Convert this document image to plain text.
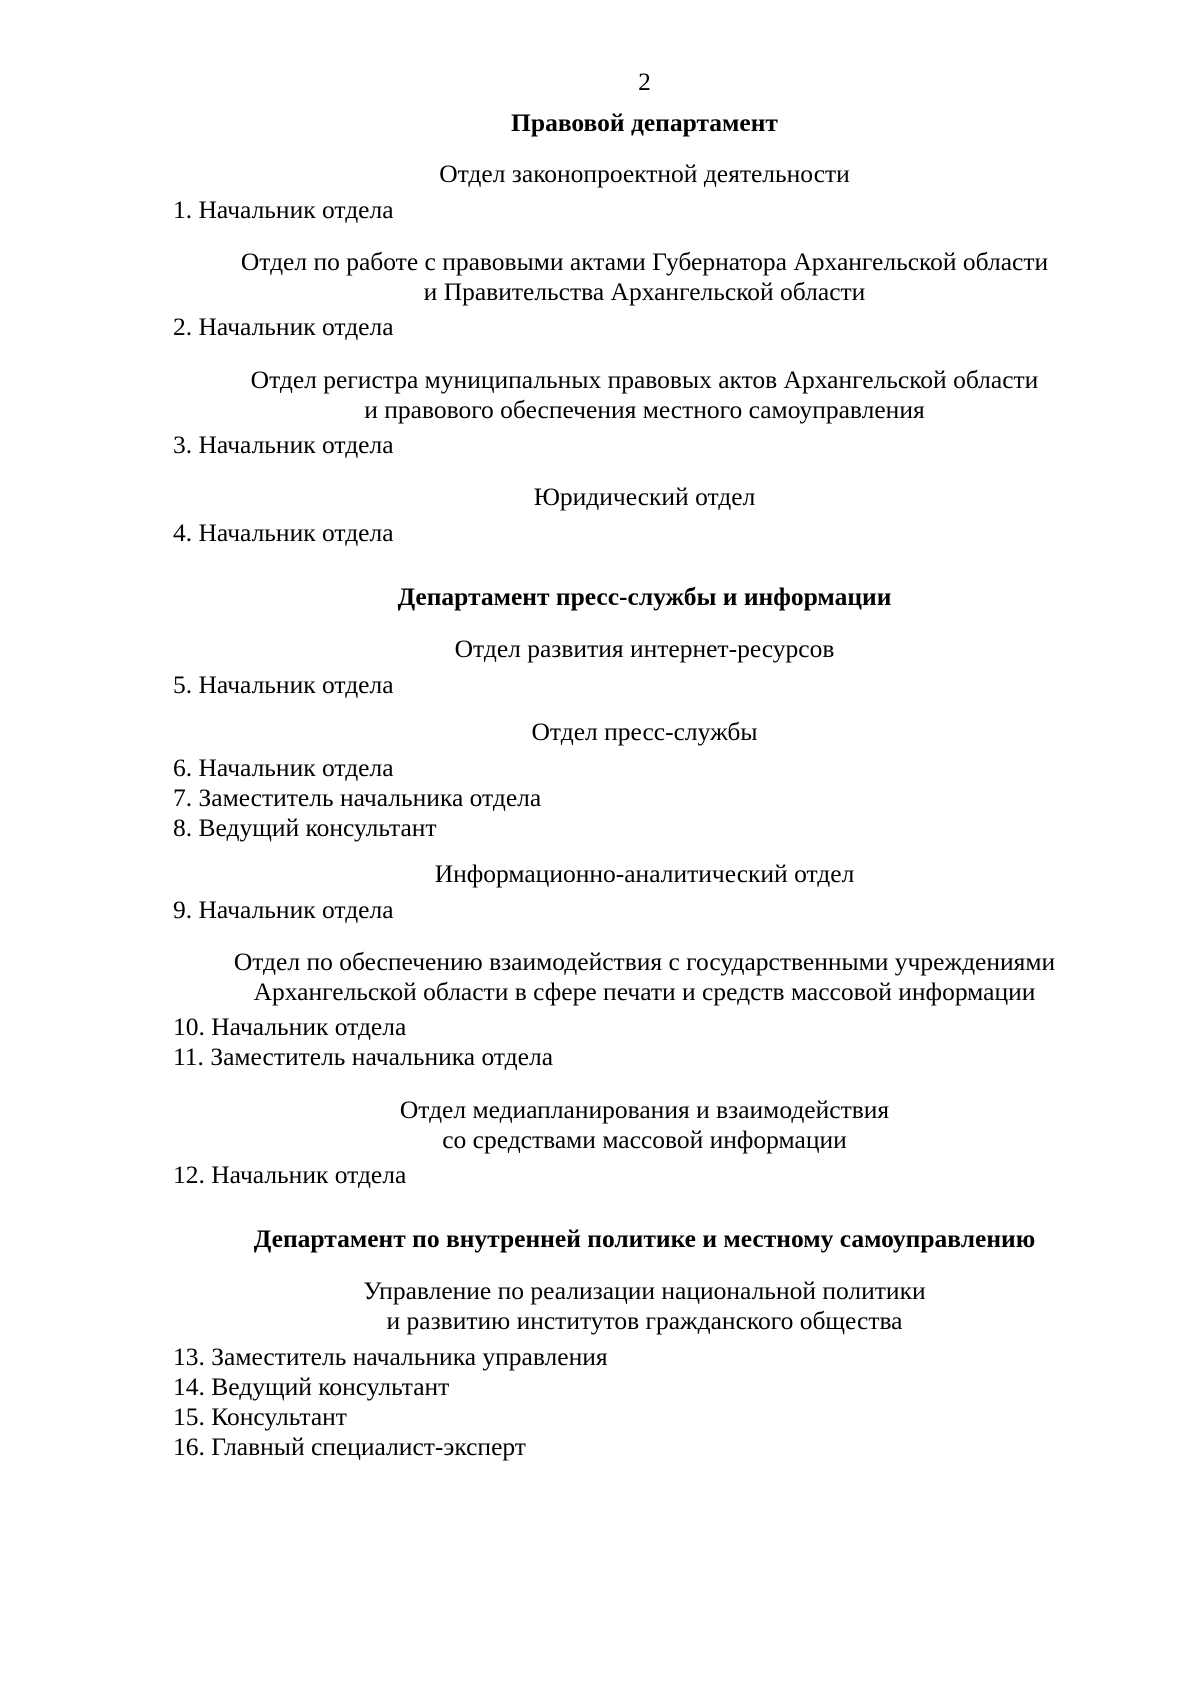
2
Правовой департамент
Отдел законопроектной деятельности
1. Начальник отдела
Отдел по работе с правовыми актами Губернатора Архангельской области
и Правительства Архангельской области
2. Начальник отдела
Отдел регистра муниципальных правовых актов Архангельской области
и правового обеспечения местного самоуправления
3. Начальник отдела
Юридический отдел
4. Начальник отдела
Департамент пресс-службы и информации
Отдел развития интернет-ресурсов
5. Начальник отдела
Отдел пресс-службы
6. Начальник отдела
7. Заместитель начальника отдела
8. Ведущий консультант
Информационно-аналитический отдел
9. Начальник отдела
Отдел по обеспечению взаимодействия с государственными учреждениями
Архангельской области в сфере печати и средств массовой информации
10. Начальник отдела
11. Заместитель начальника отдела
Отдел медиапланирования и взаимодействия
со средствами массовой информации
12. Начальник отдела
Департамент по внутренней политике и местному самоуправлению
Управление по реализации национальной политики
и развитию институтов гражданского общества
13. Заместитель начальника управления
14. Ведущий консультант
15. Консультант
16. Главный специалист-эксперт
